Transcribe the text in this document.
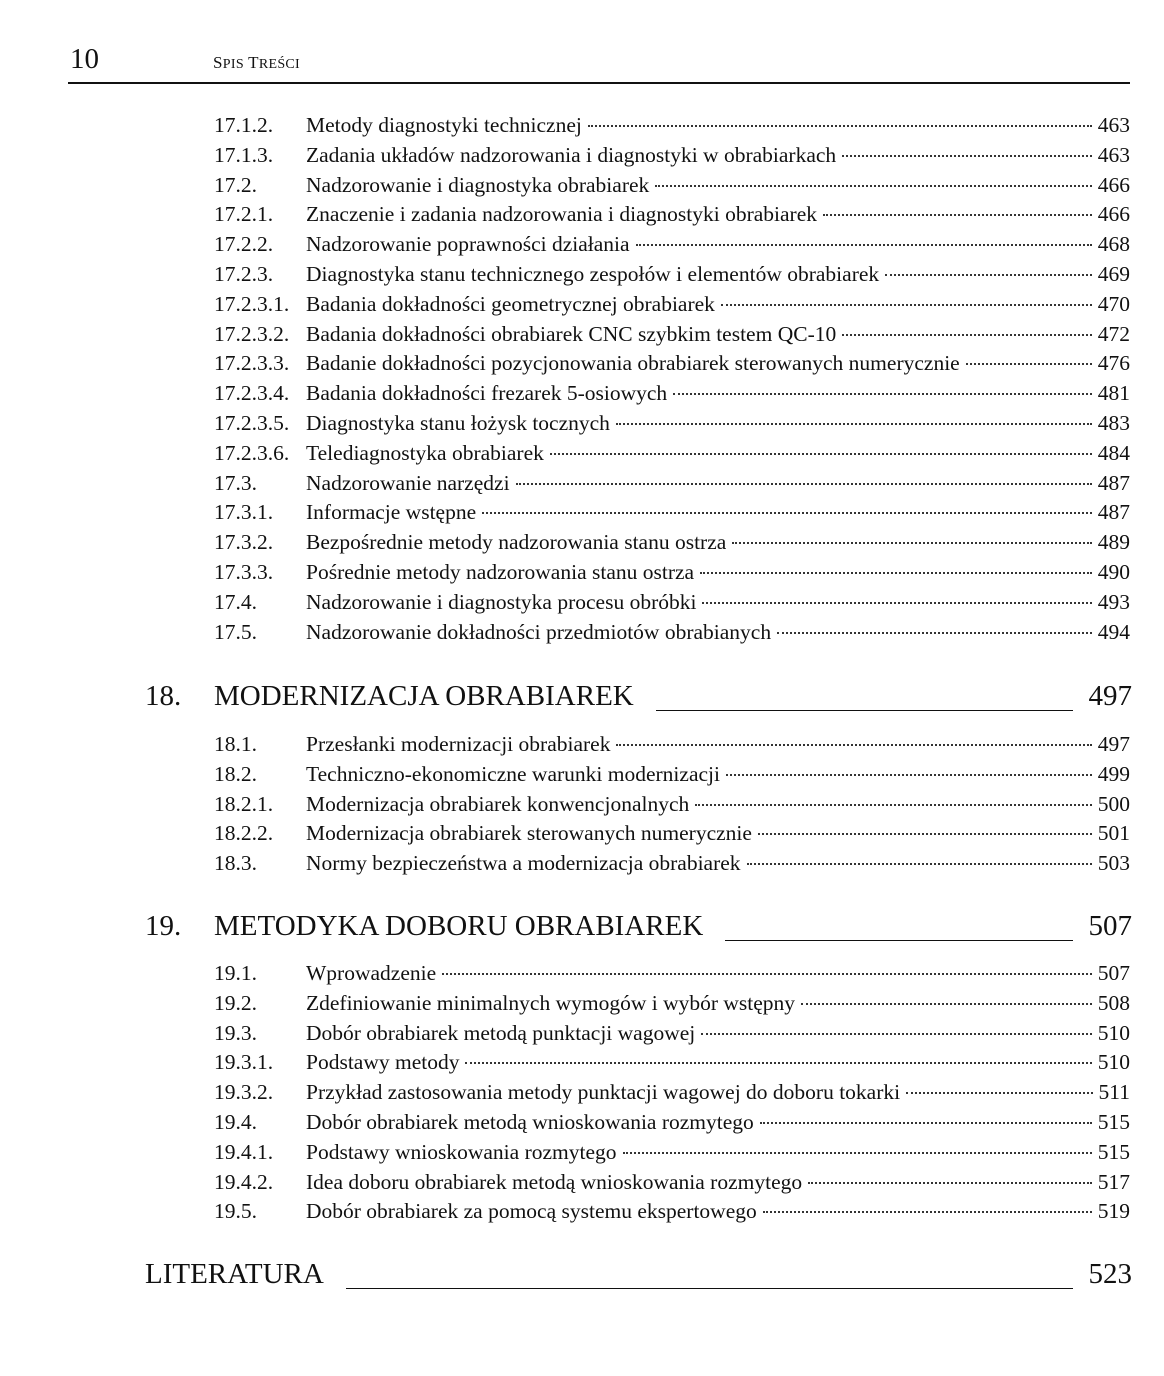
10	SPIS TREŚCI
17.1.2.	Metody diagnostyki technicznej	463
17.1.3.	Zadania układów nadzorowania i diagnostyki w obrabiarkach	463
17.2.	Nadzorowanie i diagnostyka obrabiarek	466
17.2.1.	Znaczenie i zadania nadzorowania i diagnostyki obrabiarek	466
17.2.2.	Nadzorowanie poprawności działania	468
17.2.3.	Diagnostyka stanu technicznego zespołów i elementów obrabiarek	469
17.2.3.1. Badania dokładności geometrycznej obrabiarek	470
17.2.3.2. Badania dokładności obrabiarek CNC szybkim testem QC-10	472
17.2.3.3. Badanie dokładności pozycjonowania obrabiarek sterowanych numerycznie	476
17.2.3.4. Badania dokładności frezarek 5-osiowych	481
17.2.3.5. Diagnostyka stanu łożysk tocznych	483
17.2.3.6. Telediagnostyka obrabiarek	484
17.3.	Nadzorowanie narzędzi	487
17.3.1.	Informacje wstępne	487
17.3.2.	Bezpośrednie metody nadzorowania stanu ostrza	489
17.3.3.	Pośrednie metody nadzorowania stanu ostrza	490
17.4.	Nadzorowanie i diagnostyka procesu obróbki	493
17.5.	Nadzorowanie dokładności przedmiotów obrabianych	494
18.	MODERNIZACJA OBRABIAREK	497
18.1.	Przesłanki modernizacji obrabiarek	497
18.2.	Techniczno-ekonomiczne warunki modernizacji	499
18.2.1.	Modernizacja obrabiarek konwencjonalnych	500
18.2.2.	Modernizacja obrabiarek sterowanych numerycznie	501
18.3.	Normy bezpieczeństwa a modernizacja obrabiarek	503
19.	METODYKA DOBORU OBRABIAREK	507
19.1.	Wprowadzenie	507
19.2.	Zdefiniowanie minimalnych wymogów i wybór wstępny	508
19.3.	Dobór obrabiarek metodą punktacji wagowej	510
19.3.1.	Podstawy metody	510
19.3.2.	Przykład zastosowania metody punktacji wagowej do doboru tokarki	511
19.4.	Dobór obrabiarek metodą wnioskowania rozmytego	515
19.4.1.	Podstawy wnioskowania rozmytego	515
19.4.2.	Idea doboru obrabiarek metodą wnioskowania rozmytego	517
19.5.	Dobór obrabiarek za pomocą systemu ekspertowego	519
LITERATURA	523
